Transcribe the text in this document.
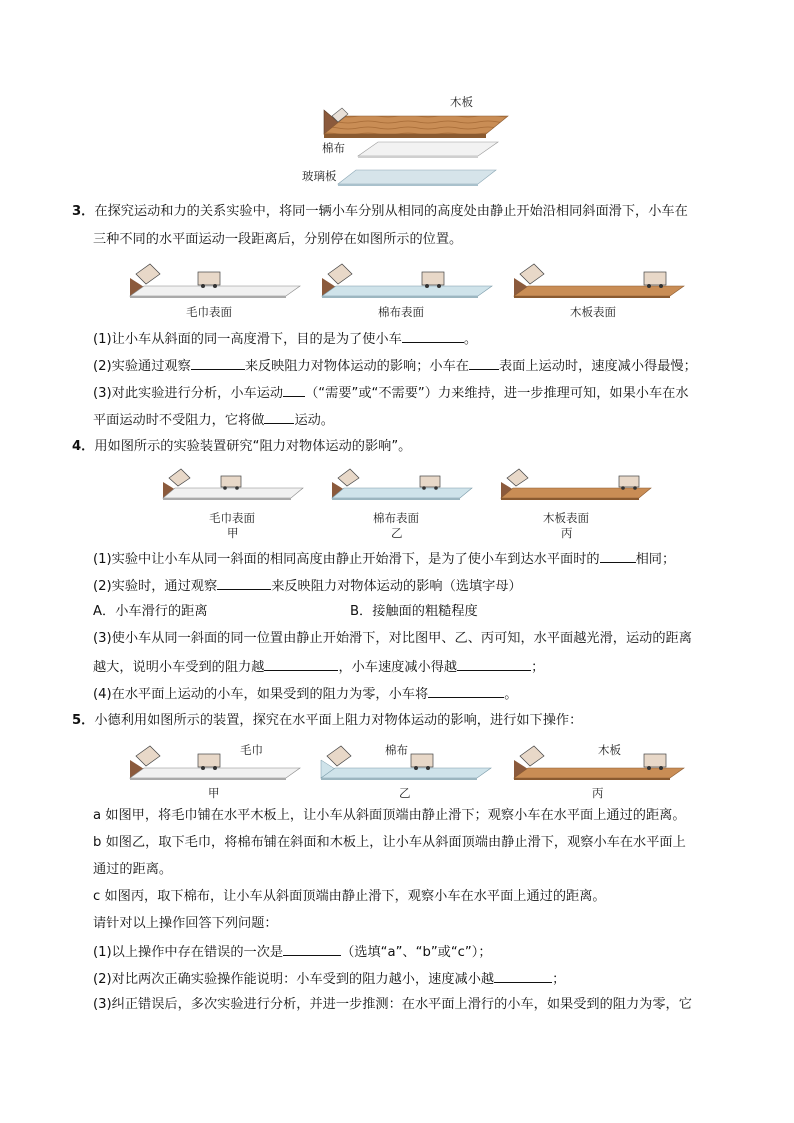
木板
棉布
玻璃板
3．在探究运动和力的关系实验中，将同一辆小车分别从相同的高度处由静止开始沿相同斜面滑下，小车在
三种不同的水平面运动一段距离后，分别停在如图所示的位置。
毛巾表面	棉布表面	木板表面
(1)让小车从斜面的同一高度滑下，目的是为了使小车	。
(2)实验通过观察	来反映阻力对物体运动的影响；小车在 表面上运动时，速度减小得最慢；
(3)对此实验进行分析，小车运动 （“需要”或“不需要”）力来维持，进一步推理可知，如果小车在水
平面运动时不受阻力，它将做 运动。
4．用如图所示的实验装置研究“阻力对物体运动的影响”。
毛巾表面
甲
棉布表面
乙
木板表面
丙
(1)实验中让小车从同一斜面的相同高度由静止开始滑下，是为了使小车到达水平面时的	相同；
(2)实验时，通过观察	来反映阻力对物体运动的影响（选填字母）
A．小车滑行的距离	B．接触面的粗糙程度
(3)使小车从同一斜面的同一位置由静止开始滑下，对比图甲、乙、丙可知，水平面越光滑，运动的距离
越大，说明小车受到的阻力越	，小车速度减小得越	；
(4)在水平面上运动的小车，如果受到的阻力为零，小车将	。
5．小德利用如图所示的装置，探究在水平面上阻力对物体运动的影响，进行如下操作：
毛巾	棉布	木板
甲	乙	丙
a 如图甲，将毛巾铺在水平木板上，让小车从斜面顶端由静止滑下；观察小车在水平面上通过的距离。
b 如图乙，取下毛巾，将棉布铺在斜面和木板上，让小车从斜面顶端由静止滑下，观察小车在水平面上
通过的距离。
c 如图丙，取下棉布，让小车从斜面顶端由静止滑下，观察小车在水平面上通过的距离。
请针对以上操作回答下列问题：
(1)以上操作中存在错误的一次是	（选填“a”、“b”或“c”）；
(2)对比两次正确实验操作能说明：小车受到的阻力越小，速度减小越	；
(3)纠正错误后，多次实验进行分析，并进一步推测：在水平面上滑行的小车，如果受到的阻力为零，它
